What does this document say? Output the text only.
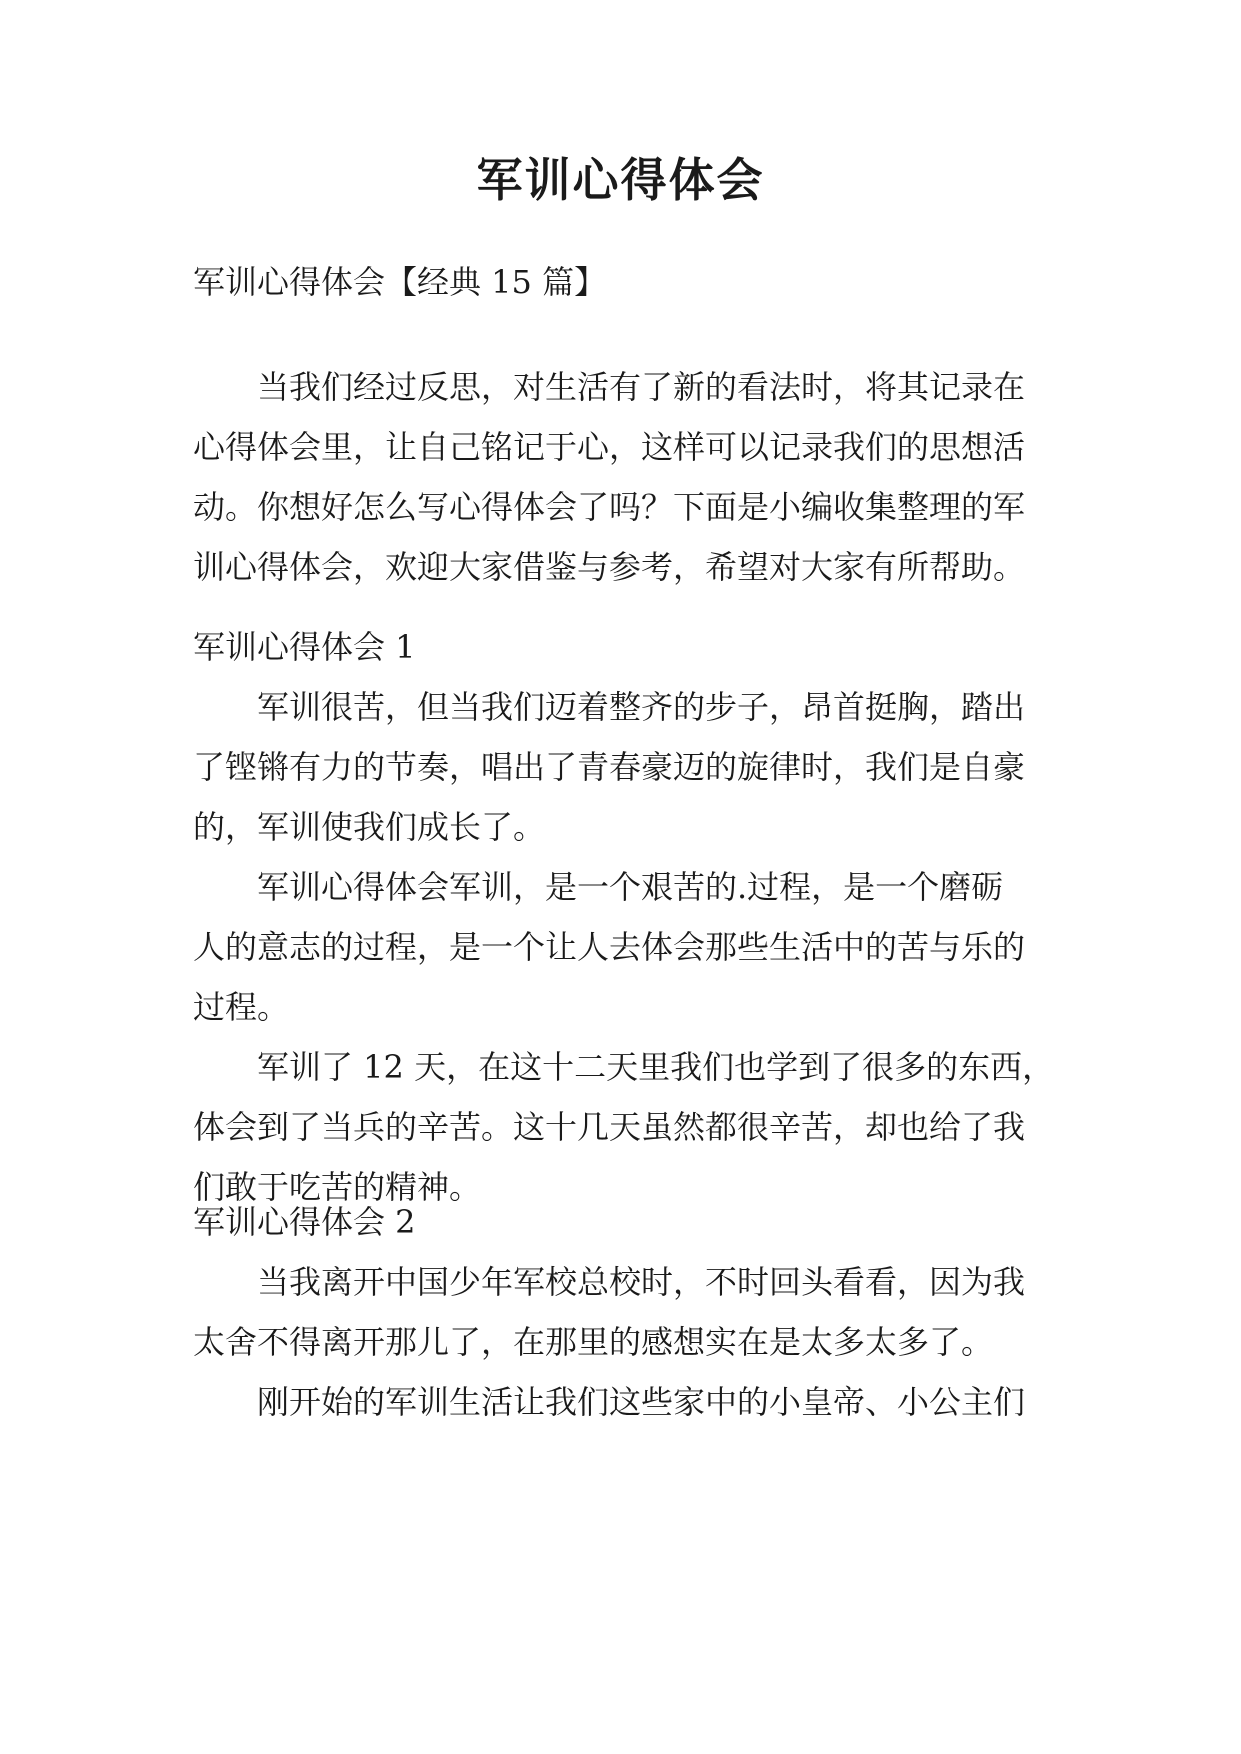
军训心得体会
军训心得体会【经典 15 篇】
当我们经过反思，对生活有了新的看法时，将其记录在
心得体会里，让自己铭记于心，这样可以记录我们的思想活
动。你想好怎么写心得体会了吗？下面是小编收集整理的军
训心得体会，欢迎大家借鉴与参考，希望对大家有所帮助。
军训心得体会 1
军训很苦，但当我们迈着整齐的步子，昂首挺胸，踏出
了铿锵有力的节奏，唱出了青春豪迈的旋律时，我们是自豪
的，军训使我们成长了。
军训心得体会军训，是一个艰苦的.过程，是一个磨砺
人的意志的过程，是一个让人去体会那些生活中的苦与乐的
过程。
军训了 12 天，在这十二天里我们也学到了很多的东西，
体会到了当兵的辛苦。这十几天虽然都很辛苦，却也给了我
们敢于吃苦的精神。
军训心得体会 2
当我离开中国少年军校总校时，不时回头看看，因为我
太舍不得离开那儿了，在那里的感想实在是太多太多了。
刚开始的军训生活让我们这些家中的小皇帝、小公主们
